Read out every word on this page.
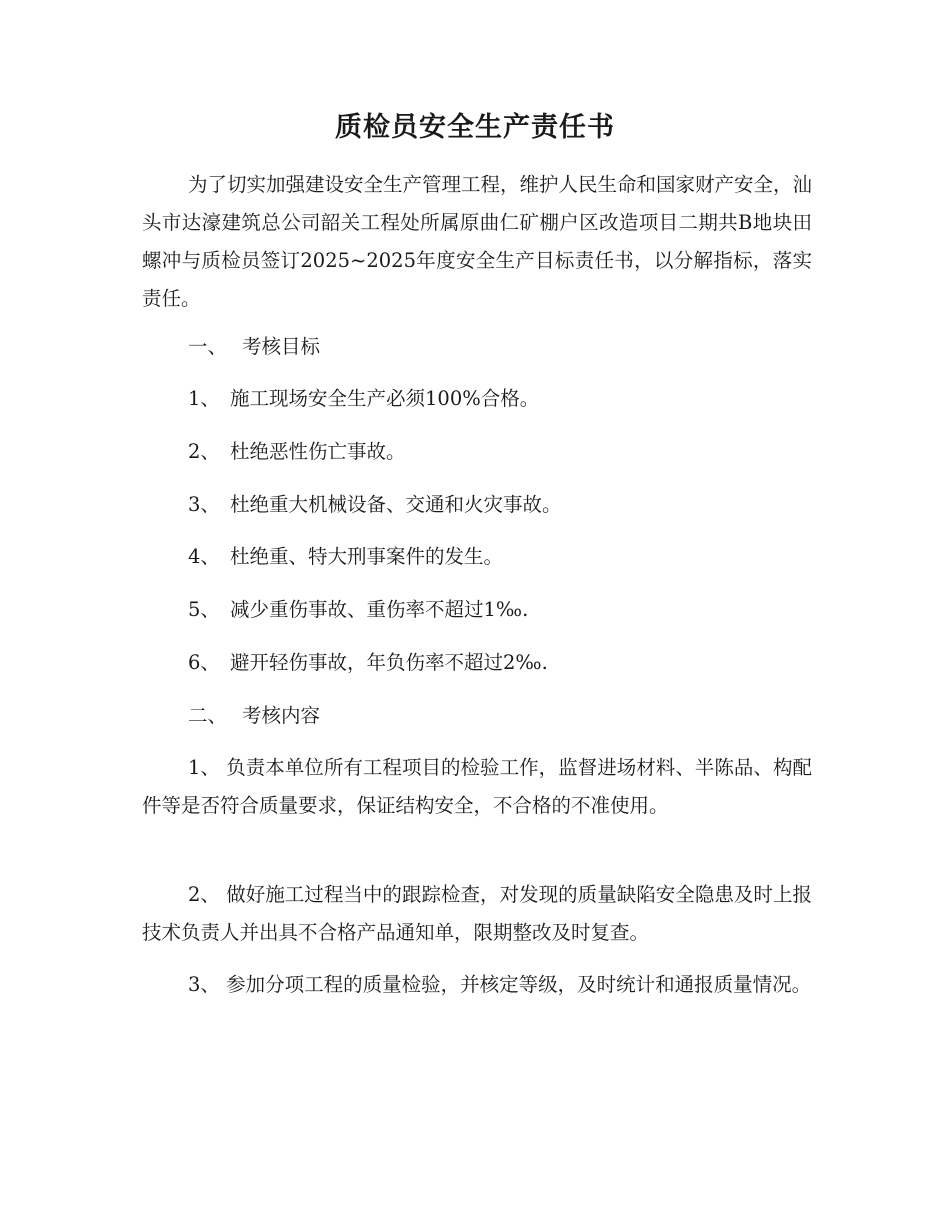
质检员安全生产责任书

为了切实加强建设安全生产管理工程，维护人民生命和国家财产安全，汕头市达濠建筑总公司韶关工程处所属原曲仁矿棚户区改造项目二期共B地块田螺冲与质检员签订2025~2025年度安全生产目标责任书，以分解指标，落实责任。

一、 考核目标

1、 施工现场安全生产必须100%合格。

2、 杜绝恶性伤亡事故。

3、 杜绝重大机械设备、交通和火灾事故。

4、 杜绝重、特大刑事案件的发生。

5、 减少重伤事故、重伤率不超过1‰.

6、 避开轻伤事故，年负伤率不超过2‰.

二、 考核内容

1、 负责本单位所有工程项目的检验工作，监督进场材料、半陈品、构配件等是否符合质量要求，保证结构安全，不合格的不准使用。

2、 做好施工过程当中的跟踪检查，对发现的质量缺陷安全隐患及时上报技术负责人并出具不合格产品通知单，限期整改及时复查。

3、 参加分项工程的质量检验，并核定等级，及时统计和通报质量情况。
